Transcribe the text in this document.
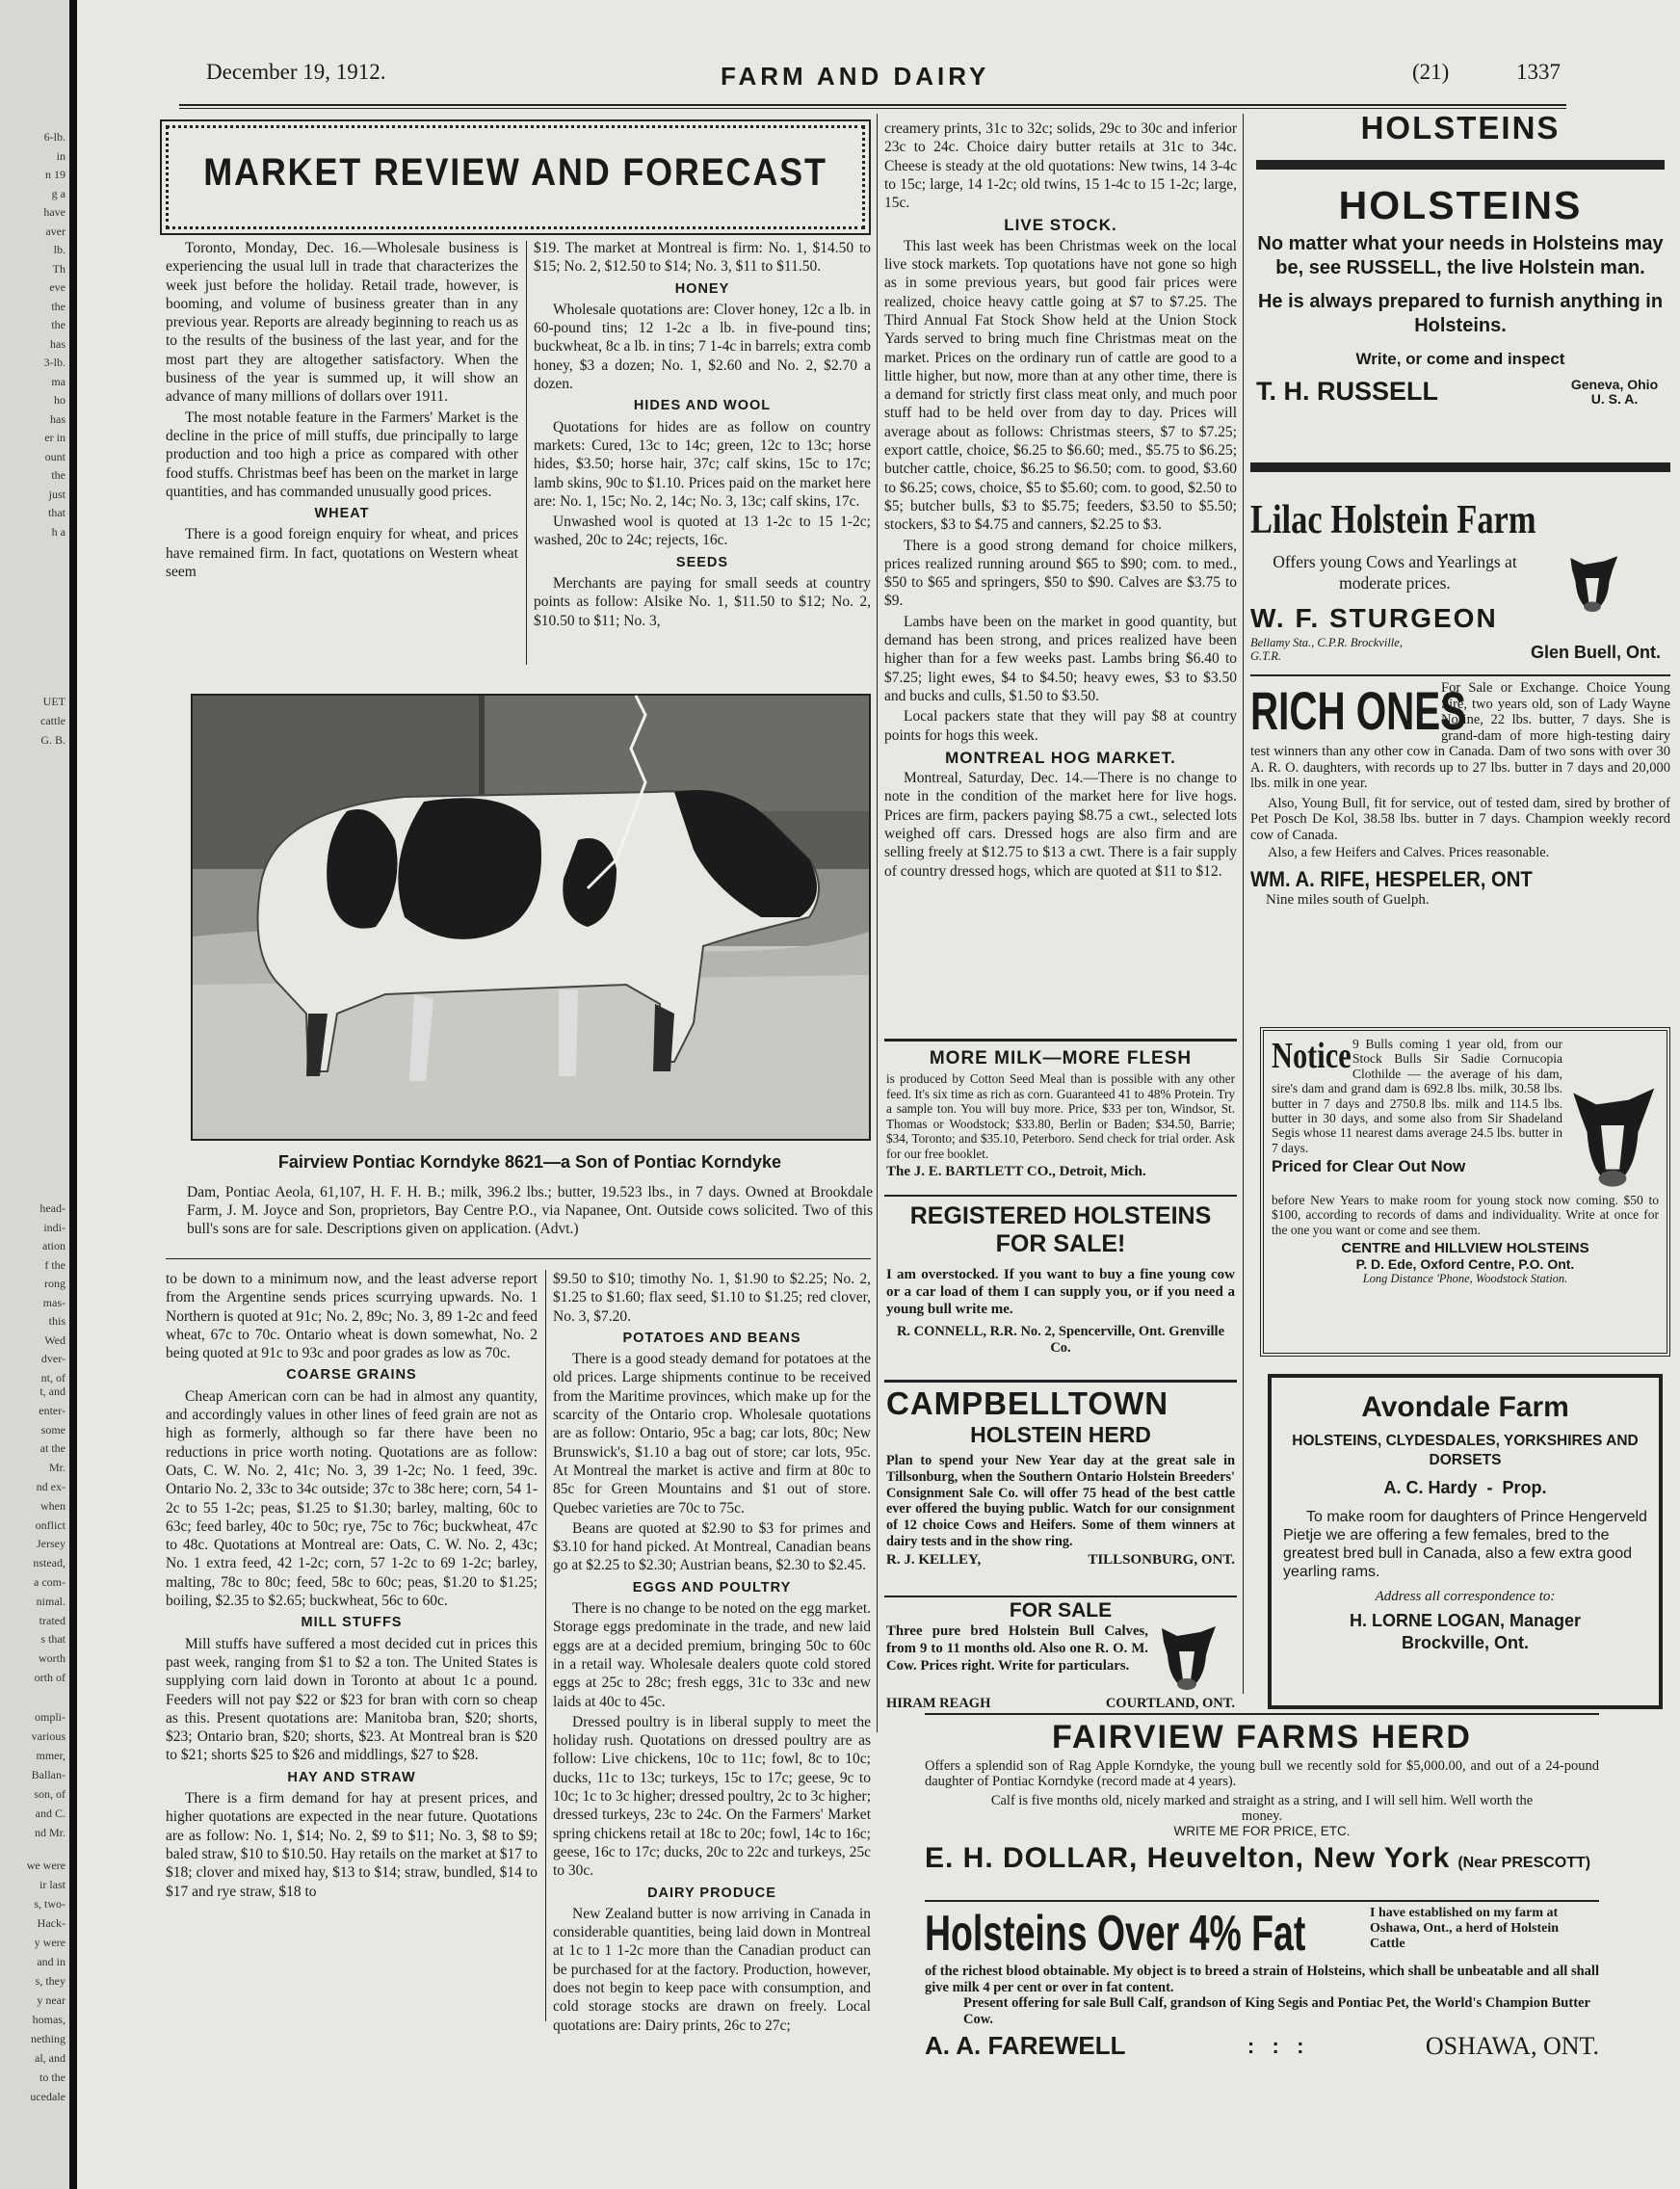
6-lb.
in
n 19
g a
have
aver
lb.
Th
eve
the
the
has
3-lb.
ma
ho
has
er in
ount
the
just
that
h a
UET
cattle
G. B.
head-
indi-
ation
f the
rong
mas-
this
Wed
dver-
nt, of
t, and
enter-
some
at the
Mr.
nd ex-
when
onflict
Jersey
nstead,
a com-
nimal.
trated
s that
worth
orth of
ompli-
various
mmer,
Ballan-
son, of
and C.
nd Mr.
we were
ir last
s, two-
Hack-
y were
and in
s, they
y near
homas,
nething
al, and
to the
ucedale
December 19, 1912.	FARM AND DAIRY	(21)	1337
MARKET REVIEW AND FORECAST

Toronto, Monday, Dec. 16.—Wholesale business is experiencing the usual lull in trade that characterizes the week just before the holiday. Retail trade, however, is booming, and volume of business greater than in any previous year. Reports are already beginning to reach us as to the results of the business of the last year, and for the most part they are altogether satisfactory. When the business of the year is summed up, it will show an advance of many millions of dollars over 1911.

The most notable feature in the Farmers' Market is the decline in the price of mill stuffs, due principally to large production and too high a price as compared with other food stuffs. Christmas beef has been on the market in large quantities, and has commanded unusually good prices.

WHEAT

There is a good foreign enquiry for wheat, and prices have remained firm. In fact, quotations on Western wheat seem

$19. The market at Montreal is firm: No. 1, $14.50 to $15; No. 2, $12.50 to $14; No. 3, $11 to $11.50.

HONEY

Wholesale quotations are: Clover honey, 12c a lb. in 60-pound tins; 12 1-2c a lb. in five-pound tins; buckwheat, 8c a lb. in tins; 7 1-4c in barrels; extra comb honey, $3 a dozen; No. 1, $2.60 and No. 2, $2.70 a dozen.

HIDES AND WOOL

Quotations for hides are as follow on country markets: Cured, 13c to 14c; green, 12c to 13c; horse hides, $3.50; horse hair, 37c; calf skins, 15c to 17c; lamb skins, 90c to $1.10. Prices paid on the market here are: No. 1, 15c; No. 2, 14c; No. 3, 13c; calf skins, 17c.

Unwashed wool is quoted at 13 1-2c to 15 1-2c; washed, 20c to 24c; rejects, 16c.

SEEDS

Merchants are paying for small seeds at country points as follow: Alsike No. 1, $11.50 to $12; No. 2, $10.50 to $11; No. 3,

Fairview Pontiac Korndyke 8621—a Son of Pontiac Korndyke
Dam, Pontiac Aeola, 61,107, H. F. H. B.; milk, 396.2 lbs.; butter, 19.523 lbs., in 7 days. Owned at Brookdale Farm, J. M. Joyce and Son, proprietors, Bay Centre P.O., via Napanee, Ont. Outside cows solicited. Two of this bull's sons are for sale. Descriptions given on application. (Advt.)

to be down to a minimum now, and the least adverse report from the Argentine sends prices scurrying upwards. No. 1 Northern is quoted at 91c; No. 2, 89c; No. 3, 89 1-2c and feed wheat, 67c to 70c. Ontario wheat is down somewhat, No. 2 being quoted at 91c to 93c and poor grades as low as 70c.

COARSE GRAINS

Cheap American corn can be had in almost any quantity, and accordingly values in other lines of feed grain are not as high as formerly, although so far there have been no reductions in price worth noting. Quotations are as follow: Oats, C. W. No. 2, 41c; No. 3, 39 1-2c; No. 1 feed, 39c. Ontario No. 2, 33c to 34c outside; 37c to 38c here; corn, 54 1-2c to 55 1-2c; peas, $1.25 to $1.30; barley, malting, 60c to 63c; feed barley, 40c to 50c; rye, 75c to 76c; buckwheat, 47c to 48c. Quotations at Montreal are: Oats, C. W. No. 2, 43c; No. 1 extra feed, 42 1-2c; corn, 57 1-2c to 69 1-2c; barley, malting, 78c to 80c; feed, 58c to 60c; peas, $1.20 to $1.25; boiling, $2.35 to $2.65; buckwheat, 56c to 60c.

MILL STUFFS

Mill stuffs have suffered a most decided cut in prices this past week, ranging from $1 to $2 a ton. The United States is supplying corn laid down in Toronto at about 1c a pound. Feeders will not pay $22 or $23 for bran with corn so cheap as this. Present quotations are: Manitoba bran, $20; shorts, $23; Ontario bran, $20; shorts, $23. At Montreal bran is $20 to $21; shorts $25 to $26 and middlings, $27 to $28.

HAY AND STRAW

There is a firm demand for hay at present prices, and higher quotations are expected in the near future. Quotations are as follow: No. 1, $14; No. 2, $9 to $11; No. 3, $8 to $9; baled straw, $10 to $10.50. Hay retails on the market at $17 to $18; clover and mixed hay, $13 to $14; straw, bundled, $14 to $17 and rye straw, $18 to

$9.50 to $10; timothy No. 1, $1.90 to $2.25; No. 2, $1.25 to $1.60; flax seed, $1.10 to $1.25; red clover, No. 3, $7.20.

POTATOES AND BEANS

There is a good steady demand for potatoes at the old prices. Large shipments continue to be received from the Maritime provinces, which make up for the scarcity of the Ontario crop. Wholesale quotations are as follow: Ontario, 95c a bag; car lots, 80c; New Brunswick's, $1.10 a bag out of store; car lots, 95c. At Montreal the market is active and firm at 80c to 85c for Green Mountains and $1 out of store. Quebec varieties are 70c to 75c.

Beans are quoted at $2.90 to $3 for primes and $3.10 for hand picked. At Montreal, Canadian beans go at $2.25 to $2.30; Austrian beans, $2.30 to $2.45.

EGGS AND POULTRY

There is no change to be noted on the egg market. Storage eggs predominate in the trade, and new laid eggs are at a decided premium, bringing 50c to 60c in a retail way. Wholesale dealers quote cold stored eggs at 25c to 28c; fresh eggs, 31c to 33c and new laids at 40c to 45c.

Dressed poultry is in liberal supply to meet the holiday rush. Quotations on dressed poultry are as follow: Live chickens, 10c to 11c; fowl, 8c to 10c; ducks, 11c to 13c; turkeys, 15c to 17c; geese, 9c to 10c; 1c to 3c higher; dressed poultry, 2c to 3c higher; dressed turkeys, 23c to 24c. On the Farmers' Market spring chickens retail at 18c to 20c; fowl, 14c to 16c; geese, 16c to 17c; ducks, 20c to 22c and turkeys, 25c to 30c.

DAIRY PRODUCE

New Zealand butter is now arriving in Canada in considerable quantities, being laid down in Montreal at 1c to 1 1-2c more than the Canadian product can be purchased for at the factory. Production, however, does not begin to keep pace with consumption, and cold storage stocks are drawn on freely. Local quotations are: Dairy prints, 26c to 27c;

creamery prints, 31c to 32c; solids, 29c to 30c and inferior 23c to 24c. Choice dairy butter retails at 31c to 34c. Cheese is steady at the old quotations: New twins, 14 3-4c to 15c; large, 14 1-2c; old twins, 15 1-4c to 15 1-2c; large, 15c.

LIVE STOCK.

This last week has been Christmas week on the local live stock markets. Top quotations have not gone so high as in some previous years, but good fair prices were realized, choice heavy cattle going at $7 to $7.25. The Third Annual Fat Stock Show held at the Union Stock Yards served to bring much fine Christmas meat on the market. Prices on the ordinary run of cattle are good to a little higher, but now, more than at any other time, there is a demand for strictly first class meat only, and much poor stuff had to be held over from day to day. Prices will average about as follows: Christmas steers, $7 to $7.25; export cattle, choice, $6.25 to $6.60; med., $5.75 to $6.25; butcher cattle, choice, $6.25 to $6.50; com. to good, $3.60 to $6.25; cows, choice, $5 to $5.60; com. to good, $2.50 to $5; butcher bulls, $3 to $5.75; feeders, $3.50 to $5.50; stockers, $3 to $4.75 and canners, $2.25 to $3.

There is a good strong demand for choice milkers, prices realized running around $65 to $90; com. to med., $50 to $65 and springers, $50 to $90. Calves are $3.75 to $9.

Lambs have been on the market in good quantity, but demand has been strong, and prices realized have been higher than for a few weeks past. Lambs bring $6.40 to $7.25; light ewes, $4 to $4.50; heavy ewes, $3 to $3.50 and bucks and culls, $1.50 to $3.50.

Local packers state that they will pay $8 at country points for hogs this week.

MONTREAL HOG MARKET.

Montreal, Saturday, Dec. 14.—There is no change to note in the condition of the market here for live hogs. Prices are firm, packers paying $8.75 a cwt., selected lots weighed off cars. Dressed hogs are also firm and are selling freely at $12.75 to $13 a cwt. There is a fair supply of country dressed hogs, which are quoted at $11 to $12.

MORE MILK—MORE FLESH

is produced by Cotton Seed Meal than is possible with any other feed. It's six time as rich as corn. Guaranteed 41 to 48% Protein. Try a sample ton. You will buy more. Price, $33 per ton, Windsor, St. Thomas or Woodstock; $33.80, Berlin or Baden; $34.50, Barrie; $34, Toronto; and $35.10, Peterboro. Send check for trial order. Ask for our free booklet.

The J. E. BARTLETT CO., Detroit, Mich.
REGISTERED HOLSTEINS
FOR SALE!

I am overstocked. If you want to buy a fine young cow or a car load of them I can supply you, or if you need a young bull write me.

R. CONNELL, R.R. No. 2, Spencerville, Ont. Grenville Co.

CAMPBELLTOWN
HOLSTEIN HERD

Plan to spend your New Year day at the great sale in Tillsonburg, when the Southern Ontario Holstein Breeders' Consignment Sale Co. will offer 75 head of the best cattle ever offered the buying public. Watch for our consignment of 12 choice Cows and Heifers. Some of them winners at dairy tests and in the show ring.

R. J. KELLEY,	TILLSONBURG, ONT.
FOR SALE

Three pure bred Holstein Bull Calves, from 9 to 11 months old. Also one R. O. M. Cow. Prices right. Write for particulars.

HIRAM REAGH	COURTLAND, ONT.
HOLSTEINS
HOLSTEINS

No matter what your needs in Holsteins may be, see RUSSELL, the live Holstein man.

He is always prepared to furnish anything in Holsteins.

Write, or come and inspect

T. H. RUSSELL	Geneva, Ohio U. S. A.
Lilac Holstein Farm

Offers young Cows and Yearlings at moderate prices.

W. F. STURGEON
Bellamy Sta., C.P.R. Brockville, G.T.R.	Glen Buell, Ont.
RICH ONES

For Sale or Exchange. Choice Young Sire, two years old, son of Lady Wayne Norine, 22 lbs. butter, 7 days. She is grand-dam of more high-testing dairy test winners than any other cow in Canada. Dam of two sons with over 30 A. R. O. daughters, with records up to 27 lbs. butter in 7 days and 20,000 lbs. milk in one year.

Also, Young Bull, fit for service, out of tested dam, sired by brother of Pet Posch De Kol, 38.58 lbs. butter in 7 days. Champion weekly record cow of Canada.

Also, a few Heifers and Calves. Prices reasonable.

WM. A. RIFE, HESPELER, ONT
Nine miles south of Guelph.
Notice 9 Bulls coming 1 year old, from our Stock Bulls Sir Sadie Cornucopia Clothilde — the average of his dam, sire's dam and grand dam is 692.8 lbs. milk, 30.58 lbs. butter in 7 days and 2750.8 lbs. milk and 114.5 lbs. butter in 30 days, and some also from Sir Shadeland Segis whose 11 nearest dams average 24.5 lbs. butter in 7 days.

Priced for Clear Out Now

before New Years to make room for young stock now coming. $50 to $100, according to records of dams and individuality. Write at once for the one you want or come and see them.

CENTRE and HILLVIEW HOLSTEINS
P. D. Ede, Oxford Centre, P.O. Ont.
Long Distance 'Phone, Woodstock Station.
Avondale Farm

HOLSTEINS, CLYDESDALES, YORKSHIRES AND DORSETS

A. C. Hardy  -  Prop.

To make room for daughters of Prince Hengerveld Pietje we are offering a few females, bred to the greatest bred bull in Canada, also a few extra good yearling rams.

Address all correspondence to:
H. LORNE LOGAN, Manager
Brockville, Ont.
FAIRVIEW FARMS HERD

Offers a splendid son of Rag Apple Korndyke, the young bull we recently sold for $5,000.00, and out of a 24-pound daughter of Pontiac Korndyke (record made at 4 years).

Calf is five months old, nicely marked and straight as a string, and I will sell him. Well worth the money.

WRITE ME FOR PRICE, ETC.
E. H. DOLLAR, Heuvelton, New York (Near PRESCOTT)
Holsteins Over 4% Fat	I have established on my farm at Oshawa, Ont., a herd of Holstein Cattle

of the richest blood obtainable. My object is to breed a strain of Holsteins, which shall be unbeatable and all shall give milk 4 per cent or over in fat content.

Present offering for sale Bull Calf, grandson of King Segis and Pontiac Pet, the World's Champion Butter Cow.

A. A. FAREWELL	:   :   :	OSHAWA, ONT.
